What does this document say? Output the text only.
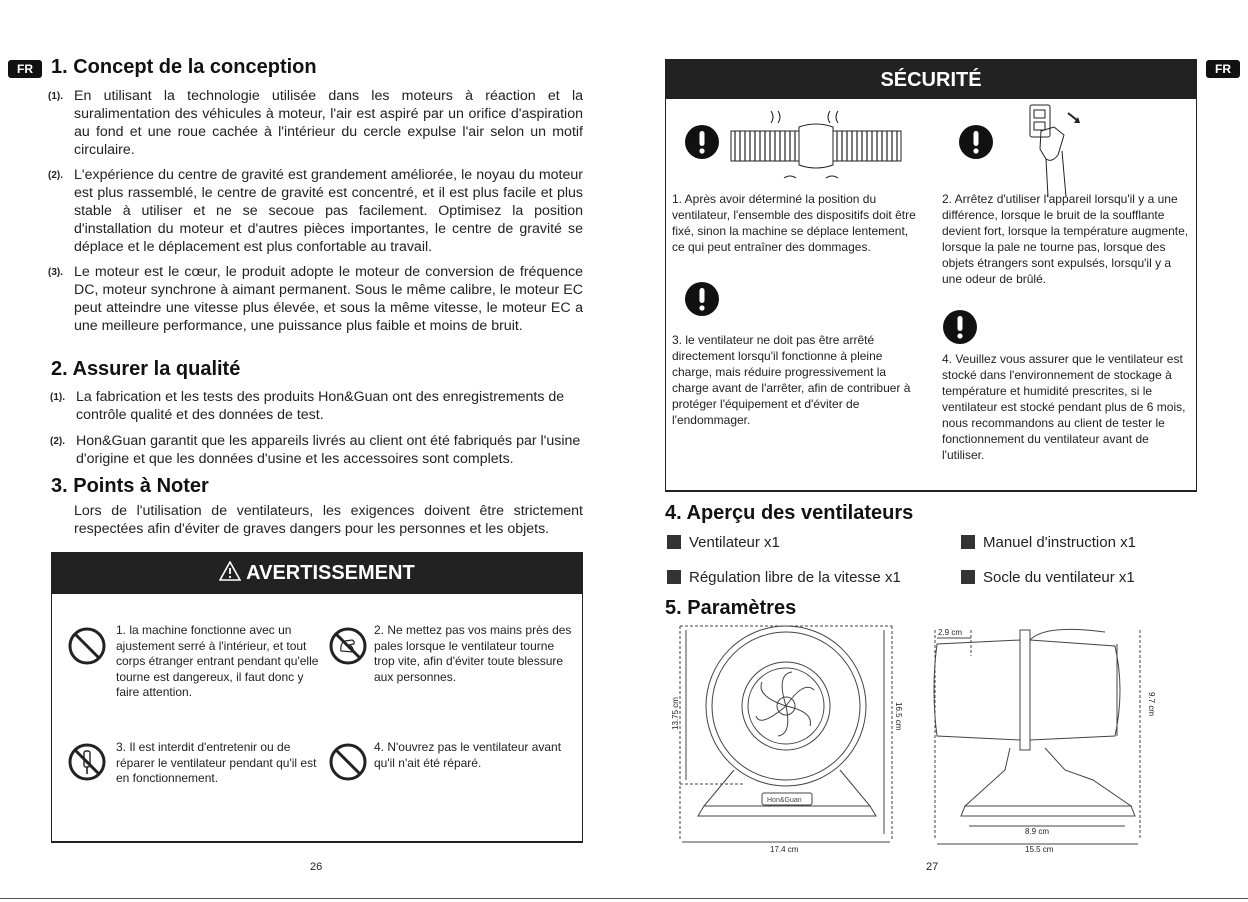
FR	FR
1. Concept de la conception
(1). En utilisant la technologie utilisée dans les moteurs à réaction et la suralimentation des véhicules à moteur, l'air est aspiré par un orifice d'aspiration au fond et une roue cachée à l'intérieur du cercle expulse l'air selon un motif circulaire.

(2). L'expérience du centre de gravité est grandement améliorée, le noyau du moteur est plus rassemblé, le centre de gravité est concentré, et il est plus facile et plus stable à utiliser et ne se secoue pas facilement. Optimisez la position d'installation du moteur et d'autres pièces importantes, le centre de gravité se déplace et le déplacement est plus confortable au travail.

(3). Le moteur est le cœur, le produit adopte le moteur de conversion de fréquence DC, moteur synchrone à aimant permanent. Sous le même calibre, le moteur EC peut atteindre une vitesse plus élevée, et sous la même vitesse, le moteur EC a une meilleure performance, une puissance plus faible et moins de bruit.

2. Assurer la qualité
(1). La fabrication et les tests des produits Hon&Guan ont des enregistrements de contrôle qualité et des données de test.

(2). Hon&Guan garantit que les appareils livrés au client ont été fabriqués par l'usine d'origine et que les données d'usine et les accessoires sont complets.

3. Points à Noter

Lors de l'utilisation de ventilateurs, les exigences doivent être strictement respectées afin d'éviter de graves dangers pour les personnes et les objets.

AVERTISSEMENT
1. la machine fonctionne avec un ajustement serré à l'intérieur, et tout corps étranger entrant pendant qu'elle tourne est dangereux, il faut donc y faire attention.
2. Ne mettez pas vos mains près des pales lorsque le ventilateur tourne trop vite, afin d'éviter toute blessure aux personnes.
3. Il est interdit d'entretenir ou de réparer le ventilateur pendant qu'il est en fonctionnement.
4. N'ouvrez pas le ventilateur avant qu'il n'ait été réparé.
26
SÉCURITÉ
1. Après avoir déterminé la position du ventilateur, l'ensemble des dispositifs doit être fixé, sinon la machine se déplace lentement, ce qui peut entraîner des dommages.
2. Arrêtez d'utiliser l'appareil lorsqu'il y a une différence, lorsque le bruit de la soufflante devient fort, lorsque la température augmente, lorsque la pale ne tourne pas, lorsque des objets étrangers sont expulsés, lorsqu'il y a une odeur de brûlé.
3. le ventilateur ne doit pas être arrêté directement lorsqu'il fonctionne à pleine charge, mais réduire progressivement la charge avant de l'arrêter, afin de contribuer à protéger l'équipement et d'éviter de l'endommager.
4. Veuillez vous assurer que le ventilateur est stocké dans l'environnement de stockage à température et humidité prescrites, si le ventilateur est stocké pendant plus de 6 mois, nous recommandons au client de tester le fonctionnement du ventilateur avant de l'utiliser.
4. Aperçu des ventilateurs
Ventilateur x1	Manuel d'instruction x1
Régulation libre de la vitesse x1	Socle du ventilateur x1
5. Paramètres
13.75 cm	16.5 cm
17.4 cm
Hon&Guan
2.9 cm
9.7 cm
8.9 cm
15.5 cm
27
